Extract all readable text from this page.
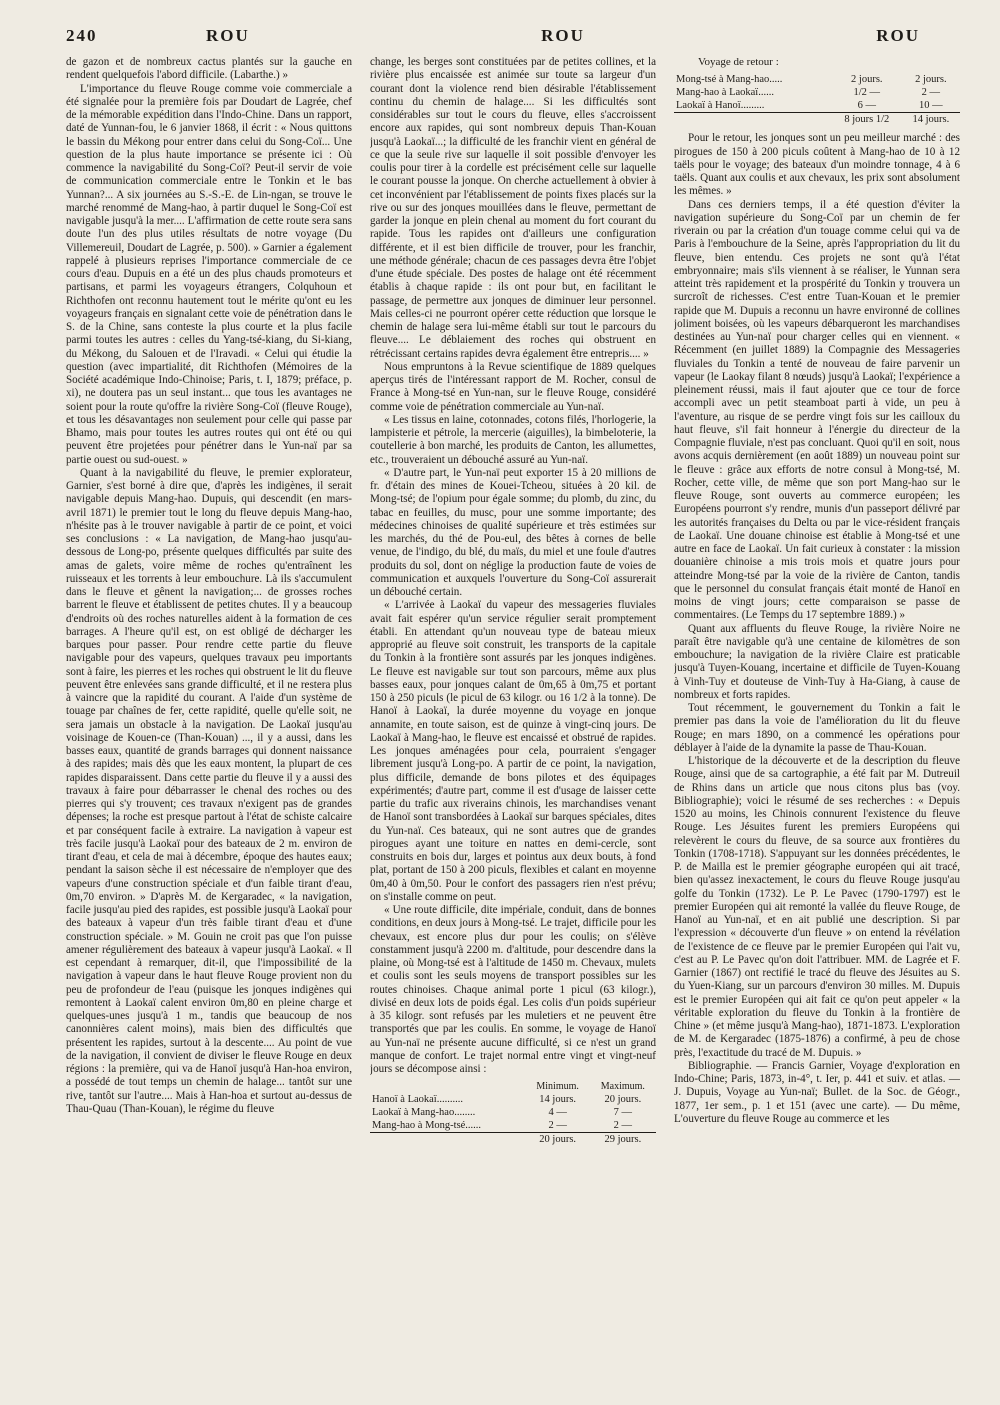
240	ROU	ROU	ROU

de gazon et de nombreux cactus plantés sur la gauche en rendent quelquefois l'abord difficile. (Labarthe.) »

L'importance du fleuve Rouge comme voie commerciale a été signalée pour la première fois par Doudart de Lagrée, chef de la mémorable expédition dans l'Indo-Chine. Dans un rapport, daté de Yunnan-fou, le 6 janvier 1868, il écrit : « Nous quittons le bassin du Mékong pour entrer dans celui du Song-Coï... Une question de la plus haute importance se présente ici : Où commence la navigabilité du Song-Coï? Peut-il servir de voie de communication commerciale entre le Tonkin et le bas Yunnan?... A six journées au S.-S.-E. de Lin-ngan, se trouve le marché renommé de Mang-hao, à partir duquel le Song-Coï est navigable jusqu'à la mer.... L'affirmation de cette route sera sans doute l'un des plus utiles résultats de notre voyage (Du Villemereuil, Doudart de Lagrée, p. 500). » Garnier a également rappelé à plusieurs reprises l'importance commerciale de ce cours d'eau. Dupuis en a été un des plus chauds promoteurs et partisans, et parmi les voyageurs étrangers, Colquhoun et Richthofen ont reconnu hautement tout le mérite qu'ont eu les voyageurs français en signalant cette voie de pénétration dans le S. de la Chine, sans conteste la plus courte et la plus facile parmi toutes les autres : celles du Yang-tsé-kiang, du Si-kiang, du Mékong, du Salouen et de l'Iravadi. « Celui qui étudie la question (avec impartialité, dit Richthofen (Mémoires de la Société académique Indo-Chinoise; Paris, t. I, 1879; préface, p. xi), ne doutera pas un seul instant... que tous les avantages ne soient pour la route qu'offre la rivière Song-Coï (fleuve Rouge), et tous les désavantages non seulement pour celle qui passe par Bhamo, mais pour toutes les autres routes qui ont été ou qui peuvent être projetées pour pénétrer dans le Yun-naï par sa partie ouest ou sud-ouest. »

Quant à la navigabilité du fleuve, le premier explorateur, Garnier, s'est borné à dire que, d'après les indigènes, il serait navigable depuis Mang-hao. Dupuis, qui descendit (en mars-avril 1871) le premier tout le long du fleuve depuis Mang-hao, n'hésite pas à le trouver navigable à partir de ce point, et voici ses conclusions : « La navigation, de Mang-hao jusqu'au-dessous de Long-po, présente quelques difficultés par suite des amas de galets, voire même de roches qu'entraînent les ruisseaux et les torrents à leur embouchure. Là ils s'accumulent dans le fleuve et gênent la navigation;... de grosses roches barrent le fleuve et établissent de petites chutes. Il y a beaucoup d'endroits où des roches naturelles aident à la formation de ces barrages. A l'heure qu'il est, on est obligé de décharger les barques pour passer. Pour rendre cette partie du fleuve navigable pour des vapeurs, quelques travaux peu importants sont à faire, les pierres et les roches qui obstruent le lit du fleuve peuvent être enlevées sans grande difficulté, et il ne restera plus à vaincre que la rapidité du courant. A l'aide d'un système de touage par chaînes de fer, cette rapidité, quelle qu'elle soit, ne sera jamais un obstacle à la navigation. De Laokaï jusqu'au voisinage de Kouen-ce (Than-Kouan) ..., il y a aussi, dans les basses eaux, quantité de grands barrages qui donnent naissance à des rapides; mais dès que les eaux montent, la plupart de ces rapides disparaissent. Dans cette partie du fleuve il y a aussi des travaux à faire pour débarrasser le chenal des roches ou des pierres qui s'y trouvent; ces travaux n'exigent pas de grandes dépenses; la roche est presque partout à l'état de schiste calcaire et par conséquent facile à extraire. La navigation à vapeur est très facile jusqu'à Laokaï pour des bateaux de 2 m. environ de tirant d'eau, et cela de mai à décembre, époque des hautes eaux; pendant la saison sèche il est nécessaire de n'employer que des vapeurs d'une construction spéciale et d'un faible tirant d'eau, 0m,70 environ. » D'après M. de Kergaradec, « la navigation, facile jusqu'au pied des rapides, est possible jusqu'à Laokaï pour des bateaux à vapeur d'un très faible tirant d'eau et d'une construction spéciale. » M. Gouin ne croit pas que l'on puisse amener régulièrement des bateaux à vapeur jusqu'à Laokaï. « Il est cependant à remarquer, dit-il, que l'impossibilité de la navigation à vapeur dans le haut fleuve Rouge provient non du peu de profondeur de l'eau (puisque les jonques indigènes qui remontent à Laokaï calent environ 0m,80 en pleine charge et quelques-unes jusqu'à 1 m., tandis que beaucoup de nos canonnières calent moins), mais bien des difficultés que présentent les rapides, surtout à la descente.... Au point de vue de la navigation, il convient de diviser le fleuve Rouge en deux régions : la première, qui va de Hanoï jusqu'à Han-hoa environ, a possédé de tout temps un chemin de halage... tantôt sur une rive, tantôt sur l'autre.... Mais à Han-hoa et surtout au-dessus de Thau-Quau (Than-Kouan), le régime du fleuve

change, les berges sont constituées par de petites collines, et la rivière plus encaissée est animée sur toute sa largeur d'un courant dont la violence rend bien désirable l'établissement continu du chemin de halage.... Si les difficultés sont considérables sur tout le cours du fleuve, elles s'accroissent encore aux rapides, qui sont nombreux depuis Than-Kouan jusqu'à Laokaï...; la difficulté de les franchir vient en général de ce que la seule rive sur laquelle il soit possible d'envoyer les coulis pour tirer à la cordelle est précisément celle sur laquelle le courant pousse la jonque. On cherche actuellement à obvier à cet inconvénient par l'établissement de points fixes placés sur la rive ou sur des jonques mouillées dans le fleuve, permettant de garder la jonque en plein chenal au moment du fort courant du rapide. Tous les rapides ont d'ailleurs une configuration différente, et il est bien difficile de trouver, pour les franchir, une méthode générale; chacun de ces passages devra être l'objet d'une étude spéciale. Des postes de halage ont été récemment établis à chaque rapide : ils ont pour but, en facilitant le passage, de permettre aux jonques de diminuer leur personnel. Mais celles-ci ne pourront opérer cette réduction que lorsque le chemin de halage sera lui-même établi sur tout le parcours du fleuve.... Le déblaiement des roches qui obstruent en rétrécissant certains rapides devra également être entrepris.... »

Nous empruntons à la Revue scientifique de 1889 quelques aperçus tirés de l'intéressant rapport de M. Rocher, consul de France à Mong-tsé en Yun-nan, sur le fleuve Rouge, considéré comme voie de pénétration commerciale au Yun-naï.

« Les tissus en laine, cotonnades, cotons filés, l'horlogerie, la lampisterie et pétrole, la mercerie (aiguilles), la bimbeloterie, la coutellerie à bon marché, les produits de Canton, les allumettes, etc., trouveraient un débouché assuré au Yun-naï.

« D'autre part, le Yun-naï peut exporter 15 à 20 millions de fr. d'étain des mines de Kouei-Tcheou, situées à 20 kil. de Mong-tsé; de l'opium pour égale somme; du plomb, du zinc, du tabac en feuilles, du musc, pour une somme importante; des médecines chinoises de qualité supérieure et très estimées sur les marchés, du thé de Pou-eul, des bêtes à cornes de belle venue, de l'indigo, du blé, du maïs, du miel et une foule d'autres produits du sol, dont on néglige la production faute de voies de communication et auxquels l'ouverture du Song-Coï assurerait un débouché certain.

« L'arrivée à Laokaï du vapeur des messageries fluviales avait fait espérer qu'un service régulier serait promptement établi. En attendant qu'un nouveau type de bateau mieux approprié au fleuve soit construit, les transports de la capitale du Tonkin à la frontière sont assurés par les jonques indigènes. Le fleuve est navigable sur tout son parcours, même aux plus basses eaux, pour jonques calant de 0m,65 à 0m,75 et portant 150 à 250 piculs (le picul de 63 kilogr. ou 16 1/2 à la tonne). De Hanoï à Laokaï, la durée moyenne du voyage en jonque annamite, en toute saison, est de quinze à vingt-cinq jours. De Laokaï à Mang-hao, le fleuve est encaissé et obstrué de rapides. Les jonques aménagées pour cela, pourraient s'engager librement jusqu'à Long-po. A partir de ce point, la navigation, plus difficile, demande de bons pilotes et des équipages expérimentés; d'autre part, comme il est d'usage de laisser cette partie du trafic aux riverains chinois, les marchandises venant de Hanoï sont transbordées à Laokaï sur barques spéciales, dites du Yun-naï. Ces bateaux, qui ne sont autres que de grandes pirogues ayant une toiture en nattes en demi-cercle, sont construits en bois dur, larges et pointus aux deux bouts, à fond plat, portant de 150 à 200 piculs, flexibles et calant en moyenne 0m,40 à 0m,50. Pour le confort des passagers rien n'est prévu; on s'installe comme on peut.

« Une route difficile, dite impériale, conduit, dans de bonnes conditions, en deux jours à Mong-tsé. Le trajet, difficile pour les chevaux, est encore plus dur pour les coulis; on s'élève constamment jusqu'à 2200 m. d'altitude, pour descendre dans la plaine, où Mong-tsé est à l'altitude de 1450 m. Chevaux, mulets et coulis sont les seuls moyens de transport possibles sur les routes chinoises. Chaque animal porte 1 picul (63 kilogr.), divisé en deux lots de poids égal. Les colis d'un poids supérieur à 35 kilogr. sont refusés par les muletiers et ne peuvent être transportés que par les coulis. En somme, le voyage de Hanoï au Yun-naï ne présente aucune difficulté, si ce n'est un grand manque de confort. Le trajet normal entre vingt et vingt-neuf jours se décompose ainsi :

	Minimum.	Maximum.
Hanoï à Laokaï..........	14 jours.	20 jours.
Laokaï à Mang-hao........	4 —	7 —
Mang-hao à Mong-tsé......	2 —	2 —
	20 jours.	29 jours.

Voyage de retour :

Mong-tsé à Mang-hao.....	2 jours.	2 jours.
Mang-hao à Laokaï......	1/2 —	2 —
Laokaï à Hanoï.........	6 —	10 —
	8 jours 1/2	14 jours.

Pour le retour, les jonques sont un peu meilleur marché : des pirogues de 150 à 200 piculs coûtent à Mang-hao de 10 à 12 taëls pour le voyage; des bateaux d'un moindre tonnage, 4 à 6 taëls. Quant aux coulis et aux chevaux, les prix sont absolument les mêmes. »

Dans ces derniers temps, il a été question d'éviter la navigation supérieure du Song-Coï par un chemin de fer riverain ou par la création d'un touage comme celui qui va de Paris à l'embouchure de la Seine, après l'appropriation du lit du fleuve, bien entendu. Ces projets ne sont qu'à l'état embryonnaire; mais s'ils viennent à se réaliser, le Yunnan sera atteint très rapidement et la prospérité du Tonkin y trouvera un surcroît de richesses. C'est entre Tuan-Kouan et le premier rapide que M. Dupuis a reconnu un havre environné de collines joliment boisées, où les vapeurs débarqueront les marchandises destinées au Yun-naï pour charger celles qui en viennent. « Récemment (en juillet 1889) la Compagnie des Messageries fluviales du Tonkin a tenté de nouveau de faire parvenir un vapeur (le Laokay filant 8 nœuds) jusqu'à Laokaï; l'expérience a pleinement réussi, mais il faut ajouter que ce tour de force accompli avec un petit steamboat parti à vide, un peu à l'aventure, au risque de se perdre vingt fois sur les cailloux du haut fleuve, s'il fait honneur à l'énergie du directeur de la Compagnie fluviale, n'est pas concluant. Quoi qu'il en soit, nous avons acquis dernièrement (en août 1889) un nouveau point sur le fleuve : grâce aux efforts de notre consul à Mong-tsé, M. Rocher, cette ville, de même que son port Mang-hao sur le fleuve Rouge, sont ouverts au commerce européen; les Européens pourront s'y rendre, munis d'un passeport délivré par les autorités françaises du Delta ou par le vice-résident français de Laokaï. Une douane chinoise est établie à Mong-tsé et une autre en face de Laokaï. Un fait curieux à constater : la mission douanière chinoise a mis trois mois et quatre jours pour atteindre Mong-tsé par la voie de la rivière de Canton, tandis que le personnel du consulat français était monté de Hanoï en moins de vingt jours; cette comparaison se passe de commentaires. (Le Temps du 17 septembre 1889.) »

Quant aux affluents du fleuve Rouge, la rivière Noire ne paraît être navigable qu'à une centaine de kilomètres de son embouchure; la navigation de la rivière Claire est praticable jusqu'à Tuyen-Kouang, incertaine et difficile de Tuyen-Kouang à Vinh-Tuy et douteuse de Vinh-Tuy à Ha-Giang, à cause de nombreux et forts rapides.

Tout récemment, le gouvernement du Tonkin a fait le premier pas dans la voie de l'amélioration du lit du fleuve Rouge; en mars 1890, on a commencé les opérations pour déblayer à l'aide de la dynamite la passe de Thau-Kouan.

L'historique de la découverte et de la description du fleuve Rouge, ainsi que de sa cartographie, a été fait par M. Dutreuil de Rhins dans un article que nous citons plus bas (voy. Bibliographie); voici le résumé de ses recherches : « Depuis 1520 au moins, les Chinois connurent l'existence du fleuve Rouge. Les Jésuites furent les premiers Européens qui relevèrent le cours du fleuve, de sa source aux frontières du Tonkin (1708-1718). S'appuyant sur les données précédentes, le P. de Mailla est le premier géographe européen qui ait tracé, bien qu'assez inexactement, le cours du fleuve Rouge jusqu'au golfe du Tonkin (1732). Le P. Le Pavec (1790-1797) est le premier Européen qui ait remonté la vallée du fleuve Rouge, de Hanoï au Yun-naï, et en ait publié une description. Si par l'expression « découverte d'un fleuve » on entend la révélation de l'existence de ce fleuve par le premier Européen qui l'ait vu, c'est au P. Le Pavec qu'on doit l'attribuer. MM. de Lagrée et F. Garnier (1867) ont rectifié le tracé du fleuve des Jésuites au S. du Yuen-Kiang, sur un parcours d'environ 30 milles. M. Dupuis est le premier Européen qui ait fait ce qu'on peut appeler « la véritable exploration du fleuve du Tonkin à la frontière de Chine » (et même jusqu'à Mang-hao), 1871-1873. L'exploration de M. de Kergaradec (1875-1876) a confirmé, à peu de chose près, l'exactitude du tracé de M. Dupuis. »

Bibliographie. — Francis Garnier, Voyage d'exploration en Indo-Chine; Paris, 1873, in-4°, t. Ier, p. 441 et suiv. et atlas. — J. Dupuis, Voyage au Yun-naï; Bullet. de la Soc. de Géogr., 1877, 1er sem., p. 1 et 151 (avec une carte). — Du même, L'ouverture du fleuve Rouge au commerce et les
